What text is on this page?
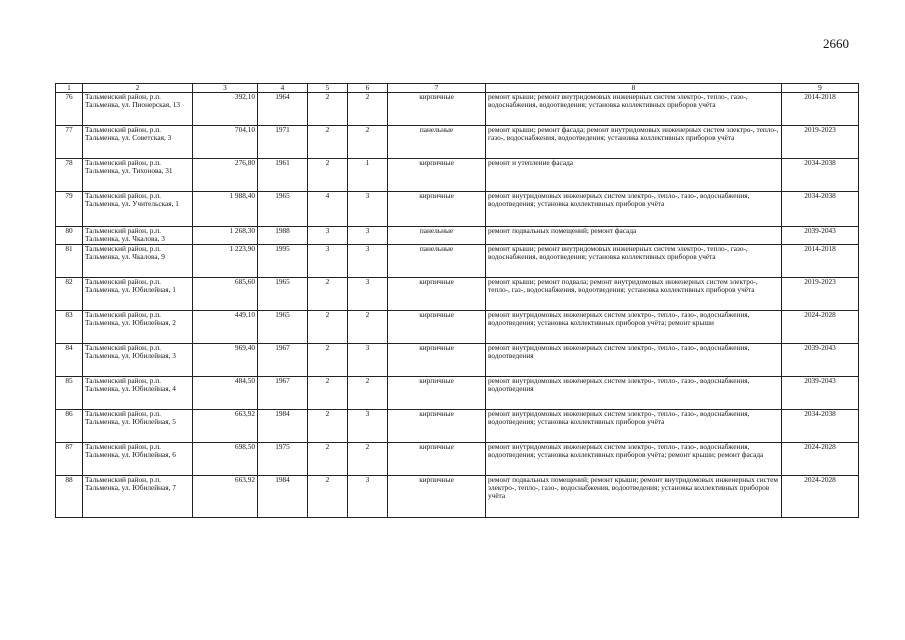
2660
1	2	3	4	5	6	7	8	9
76	Тальменский район, р.п. Тальменка, ул. Пионерская, 13	392,10	1964	2	2	кирпичные	ремонт крыши; ремонт внутридомовых инженерных систем электро-, тепло-, газо-, водоснабжения, водоотведения; установка коллективных приборов учёта	2014-2018
77	Тальменский район, р.п. Тальменка, ул. Советская, 3	704,10	1971	2	2	панельные	ремонт крыши; ремонт фасада; ремонт внутридомовых инженерных систем электро-, тепло-, газо-, водоснабжения, водоотведения; установка коллективных приборов учёта	2019-2023
78	Тальменский район, р.п. Тальменка, ул. Тихонова, 31	276,80	1961	2	1	кирпичные	ремонт и утепление фасада	2034-2038
79	Тальменский район, р.п. Тальменка, ул. Учительская, 1	1 988,40	1965	4	3	кирпичные	ремонт внутридомовых инженерных систем электро-, тепло-, газо-, водоснабжения, водоотведения; установка коллективных приборов учёта	2034-2038
80	Тальменский район, р.п. Тальменка, ул. Чкалова, 3	1 268,30	1988	3	3	панельные	ремонт подвальных помещений; ремонт фасада	2039-2043
81	Тальменский район, р.п. Тальменка, ул. Чкалова, 9	1 223,90	1995	3	3	панельные	ремонт крыши; ремонт внутридомовых инженерных систем электро-, тепло-, газо-, водоснабжения, водоотведения; установка коллективных приборов учёта	2014-2018
82	Тальменский район, р.п. Тальменка, ул. Юбилейная, 1	685,60	1965	2	3	кирпичные	ремонт крыши; ремонт подвала; ремонт внутридомовых инженерных систем электро-, тепло-, газ-, водоснабжения, водоотведения; установка коллективных приборов учёта	2019-2023
83	Тальменский район, р.п. Тальменка, ул. Юбилейная, 2	449,10	1965	2	2	кирпичные	ремонт внутридомовых инженерных систем электро-, тепло-, газо-, водоснабжения, водоотведения; установка коллективных приборов учёта; ремонт крыши	2024-2028
84	Тальменский район, р.п. Тальменка, ул. Юбилейная, 3	969,40	1967	2	3	кирпичные	ремонт внутридомовых инженерных систем электро-, тепло-, газо-, водоснабжения, водоотведения	2039-2043
85	Тальменский район, р.п. Тальменка, ул. Юбилейная, 4	484,50	1967	2	2	кирпичные	ремонт внутридомовых инженерных систем электро-, тепло-, газо-, водоснабжения, водоотведения	2039-2043
86	Тальменский район, р.п. Тальменка, ул. Юбилейная, 5	663,92	1984	2	3	кирпичные	ремонт внутридомовых инженерных систем электро-, тепло-, газо-, водоснабжения, водоотведения; установка коллективных приборов учёта	2034-2038
87	Тальменский район, р.п. Тальменка, ул. Юбилейная, 6	698,50	1975	2	2	кирпичные	ремонт внутридомовых инженерных систем электро-, тепло-, газо-, водоснабжения, водоотведения; установка коллективных приборов учёта; ремонт крыши; ремонт фасада	2024-2028
88	Тальменский район, р.п. Тальменка, ул. Юбилейная, 7	663,92	1984	2	3	кирпичные	ремонт подвальных помещений; ремонт крыши; ремонт внутридомовых инженерных систем электро-, тепло-, газо-, водоснабжения, водоотведения; установка коллективных приборов учёта	2024-2028
